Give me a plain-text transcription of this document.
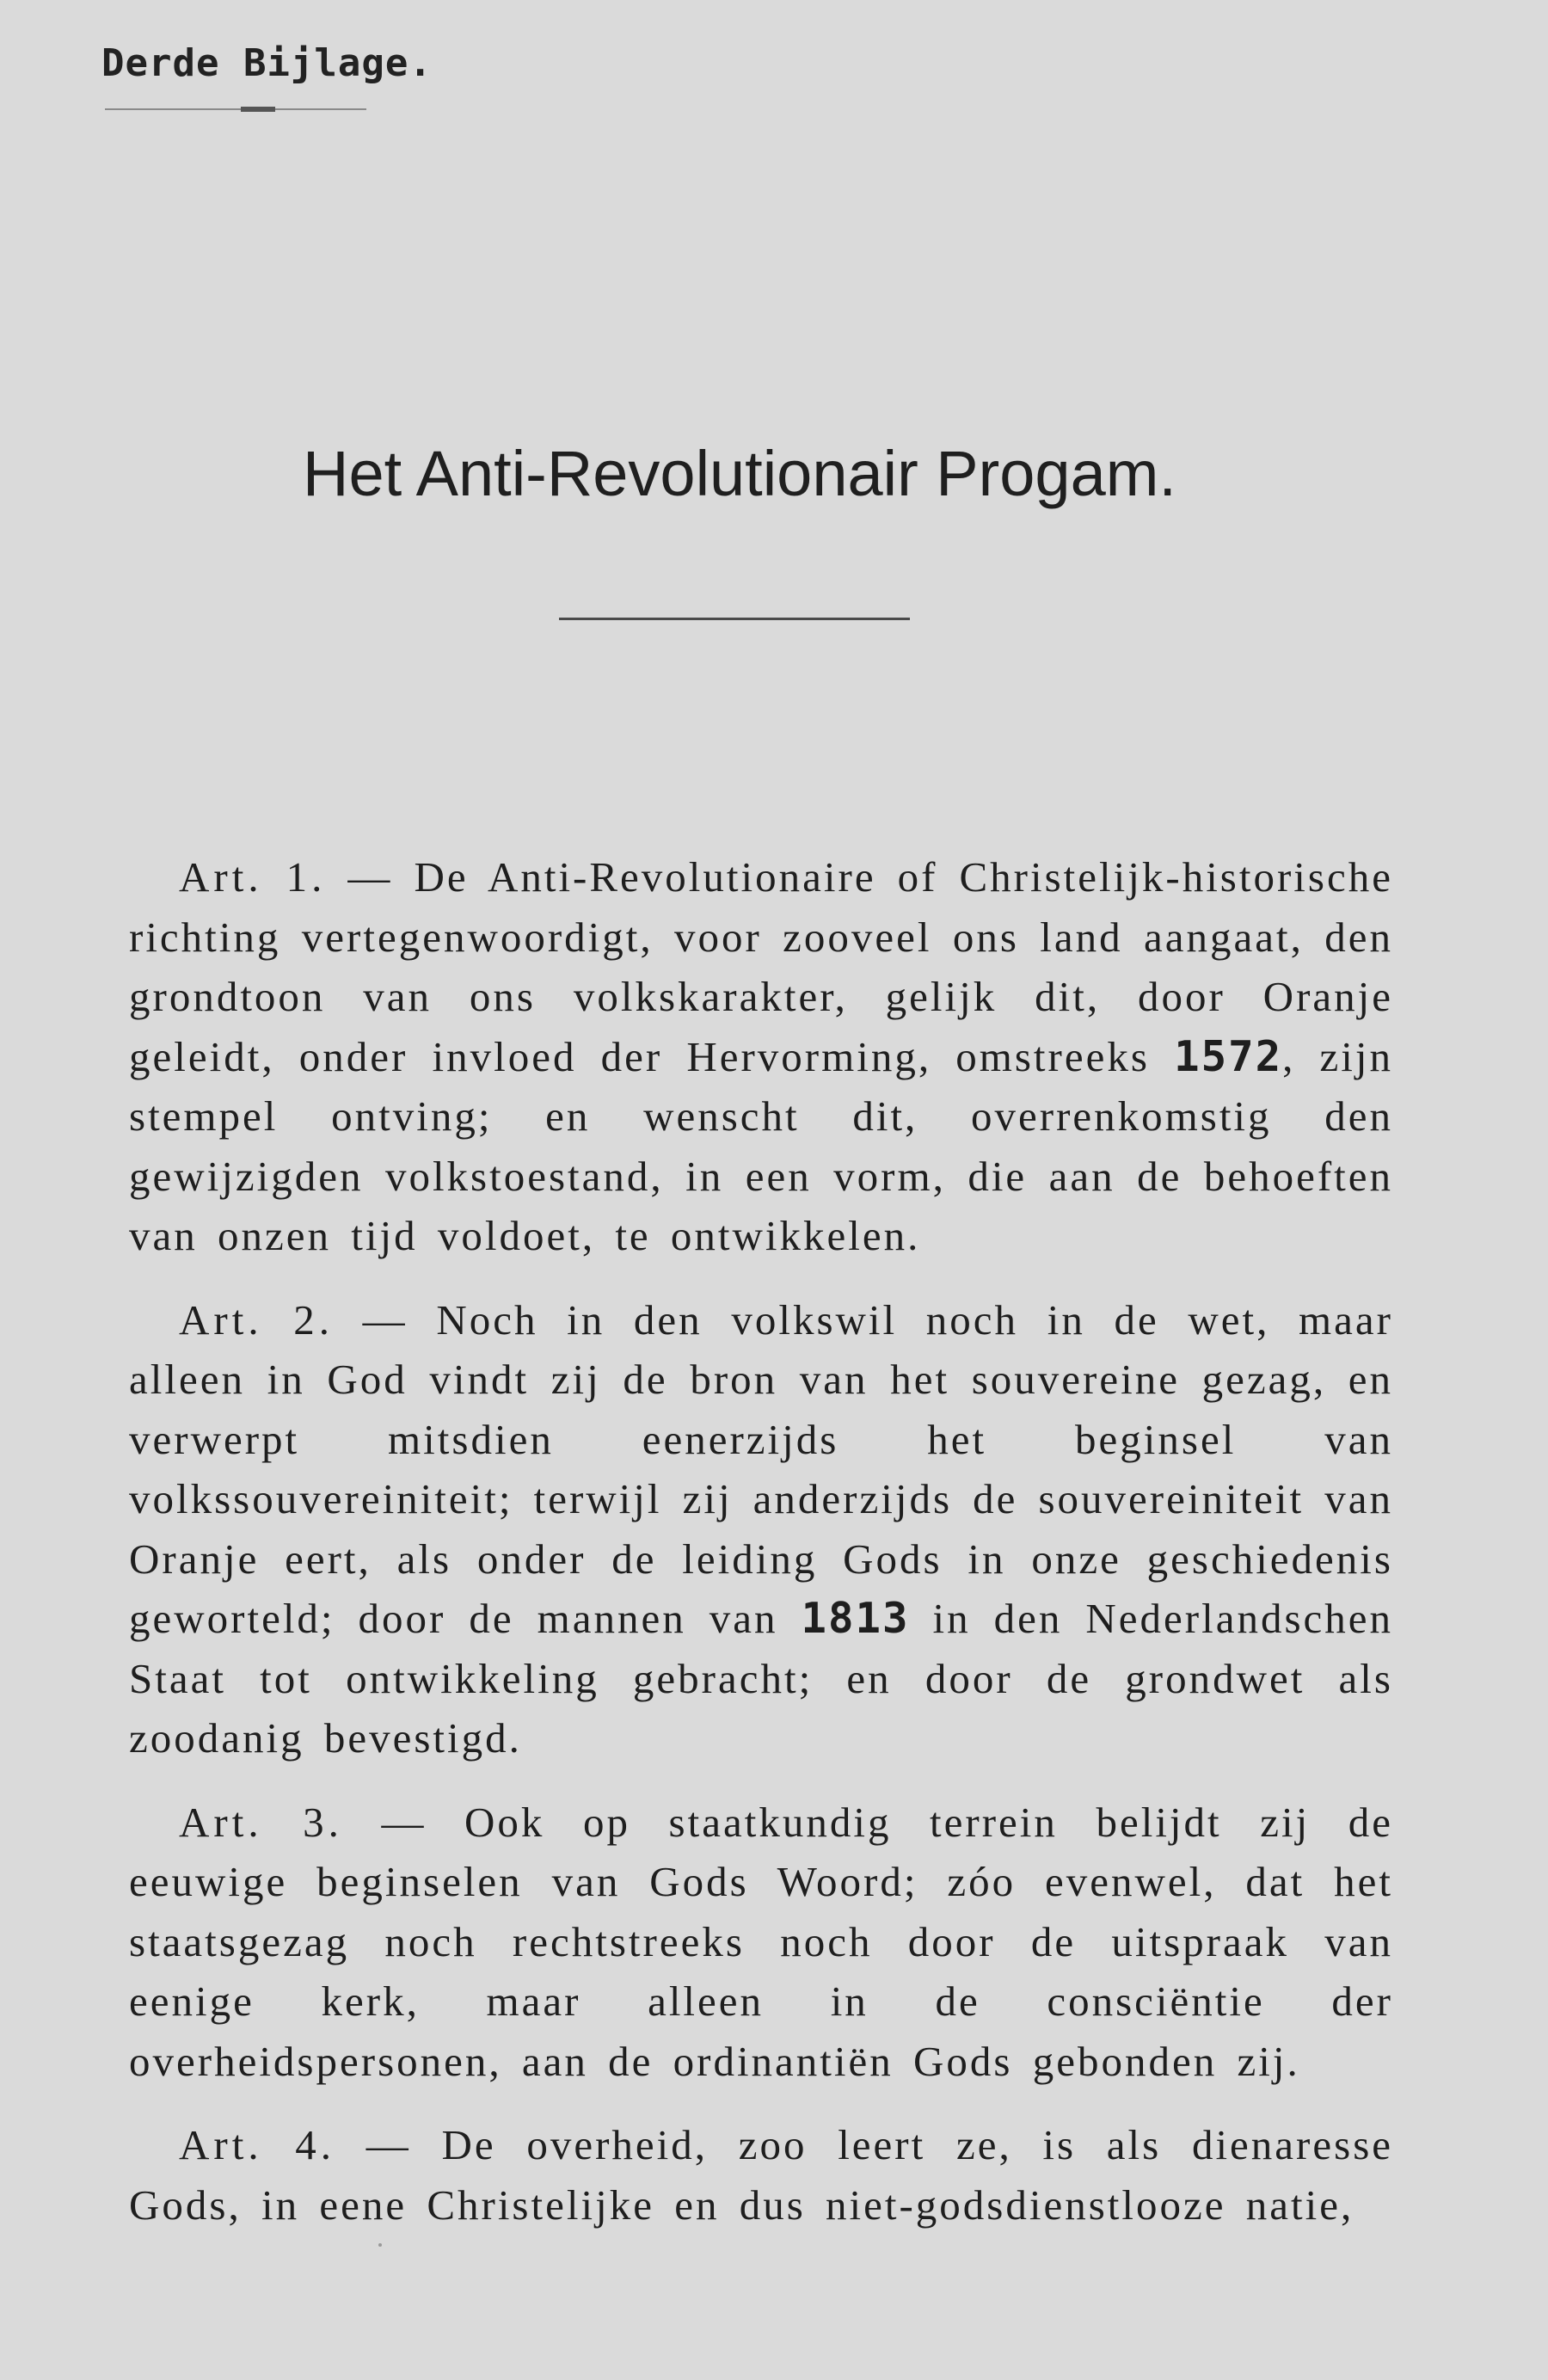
Derde Bijlage.
Het Anti-Revolutionair Progam.

Art. 1. — De Anti-Revolutionaire of Christelijk-historische richting vertegenwoordigt, voor zooveel ons land aangaat, den grondtoon van ons volkskarakter, gelijk dit, door Oranje geleidt, onder invloed der Hervorming, omstreeks 1572, zijn stempel ontving; en wenscht dit, overrenkomstig den gewijzigden volkstoestand, in een vorm, die aan de behoeften van onzen tijd voldoet, te ontwikkelen.

Art. 2. — Noch in den volkswil noch in de wet, maar alleen in God vindt zij de bron van het souvereine gezag, en verwerpt mitsdien eenerzijds het beginsel van volkssouvereiniteit; terwijl zij anderzijds de souvereiniteit van Oranje eert, als onder de leiding Gods in onze geschiedenis geworteld; door de mannen van 1813 in den Nederlandschen Staat tot ontwikkeling gebracht; en door de grondwet als zoodanig bevestigd.

Art. 3. — Ook op staatkundig terrein belijdt zij de eeuwige beginselen van Gods Woord; zóo evenwel, dat het staatsgezag noch rechtstreeks noch door de uitspraak van eenige kerk, maar alleen in de consciëntie der overheidspersonen, aan de ordinantiën Gods gebonden zij.

Art. 4. — De overheid, zoo leert ze, is als dienaresse Gods, in eene Christelijke en dus niet-godsdienstlooze natie,
